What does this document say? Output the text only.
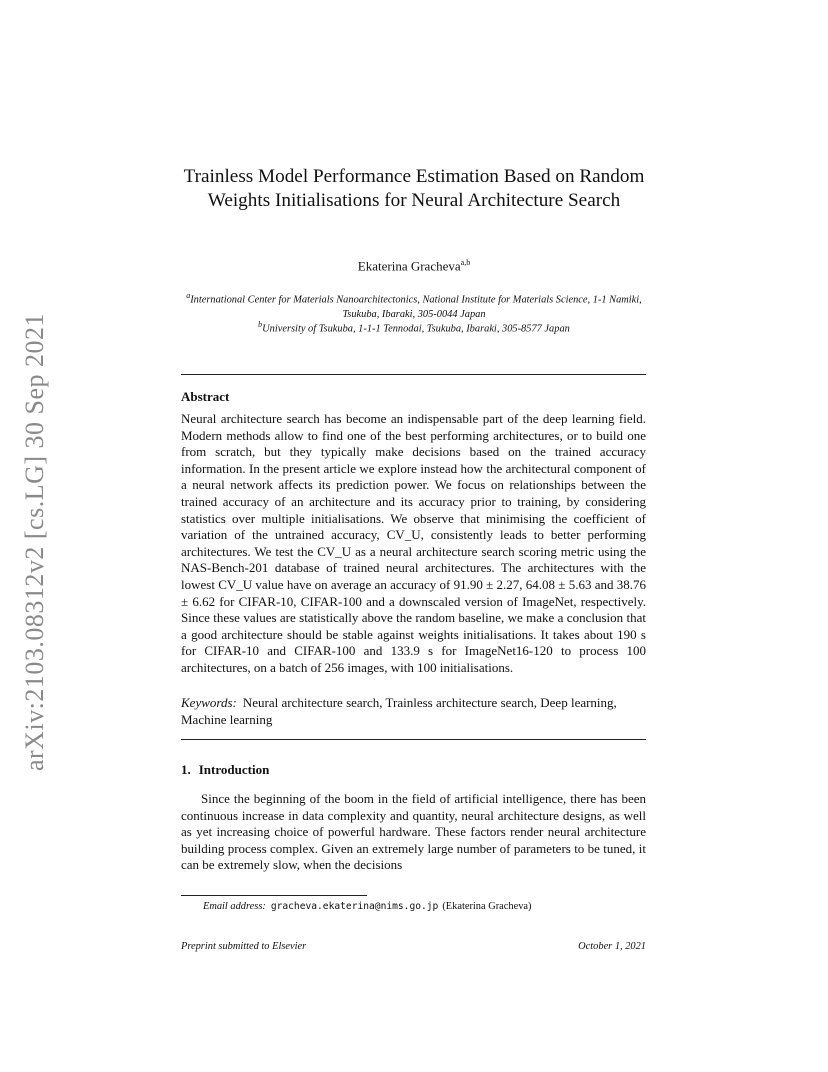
arXiv:2103.08312v2 [cs.LG] 30 Sep 2021
Trainless Model Performance Estimation Based on Random Weights Initialisations for Neural Architecture Search
Ekaterina Gracheva$^{a,b}$
$^a$International Center for Materials Nanoarchitectonics, National Institute for Materials Science, 1-1 Namiki, Tsukuba, Ibaraki, 305-0044 Japan
$^b$University of Tsukuba, 1-1-1 Tennodai, Tsukuba, Ibaraki, 305-8577 Japan
Abstract

Neural architecture search has become an indispensable part of the deep learning field. Modern methods allow to find one of the best performing architectures, or to build one from scratch, but they typically make decisions based on the trained accuracy information. In the present article we explore instead how the architectural component of a neural network affects its prediction power. We focus on relationships between the trained accuracy of an architecture and its accuracy prior to training, by considering statistics over multiple initialisations. We observe that minimising the coefficient of variation of the untrained accuracy, CV_U, consistently leads to better performing architectures. We test the CV_U as a neural architecture search scoring metric using the NAS-Bench-201 database of trained neural architectures. The architectures with the lowest CV_U value have on average an accuracy of 91.90 ± 2.27, 64.08 ± 5.63 and 38.76 ± 6.62 for CIFAR-10, CIFAR-100 and a downscaled version of ImageNet, respectively. Since these values are statistically above the random baseline, we make a conclusion that a good architecture should be stable against weights initialisations. It takes about 190 s for CIFAR-10 and CIFAR-100 and 133.9 s for ImageNet16-120 to process 100 architectures, on a batch of 256 images, with 100 initialisations.

Keywords: Neural architecture search, Trainless architecture search, Deep learning, Machine learning

1. Introduction

Since the beginning of the boom in the field of artificial intelligence, there has been continuous increase in data complexity and quantity, neural architecture designs, as well as yet increasing choice of powerful hardware. These factors render neural architecture building process complex. Given an extremely large number of parameters to be tuned, it can be extremely slow, when the decisions

Email address: gracheva.ekaterina@nims.go.jp (Ekaterina Gracheva)
Preprint submitted to Elsevier	October 1, 2021
